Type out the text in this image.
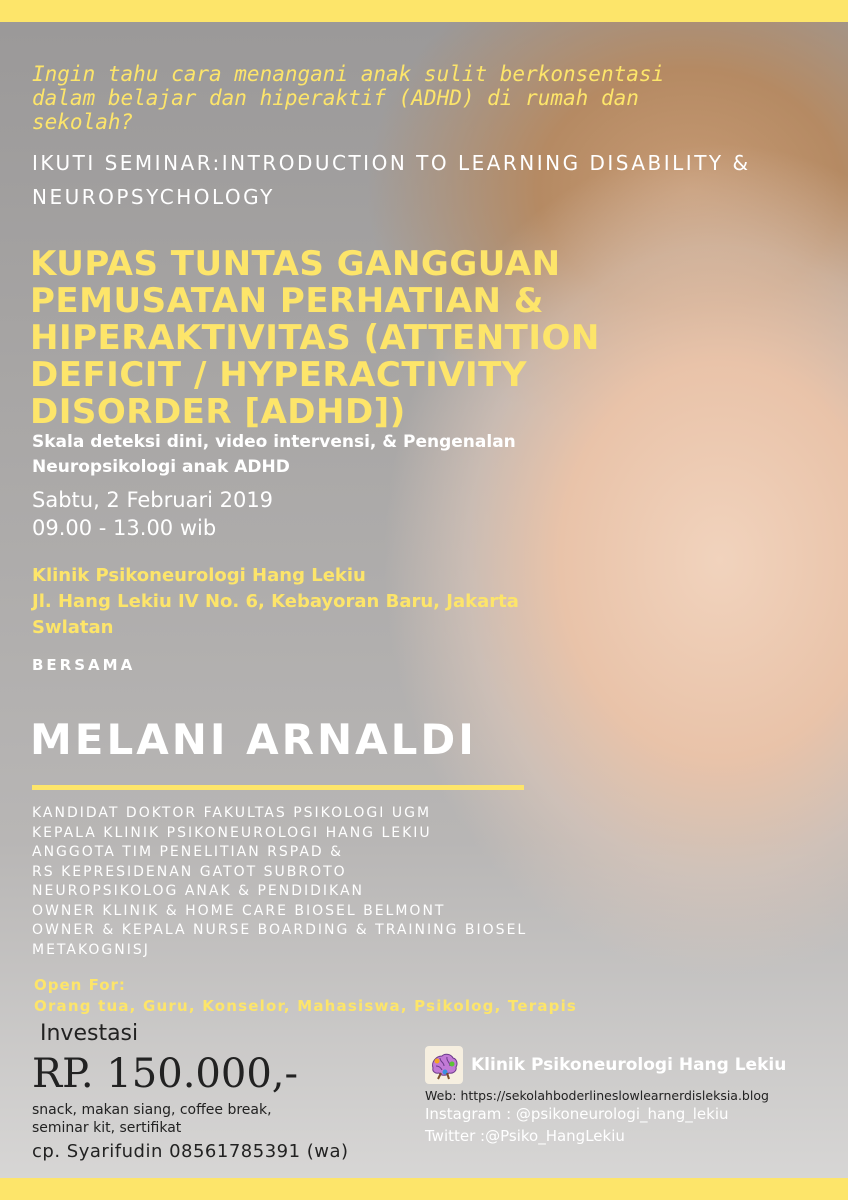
Ingin tahu cara menangani anak sulit berkonsentasi dalam belajar dan hiperaktif (ADHD) di rumah dan sekolah?

IKUTI SEMINAR:INTRODUCTION TO LEARNING DISABILITY & NEUROPSYCHOLOGY

KUPAS TUNTAS GANGGUAN PEMUSATAN PERHATIAN & HIPERAKTIVITAS (ATTENTION DEFICIT / HYPERACTIVITY DISORDER [ADHD])

Skala deteksi dini, video intervensi, & Pengenalan Neuropsikologi anak ADHD

Sabtu, 2 Februari 2019
09.00 - 13.00 wib
Klinik Psikoneurologi Hang Lekiu
Jl. Hang Lekiu IV No. 6, Kebayoran Baru, Jakarta Swlatan
BERSAMA
MELANI ARNALDI
KANDIDAT DOKTOR FAKULTAS PSIKOLOGI UGM
KEPALA KLINIK PSIKONEUROLOGI HANG LEKIU
ANGGOTA TIM PENELITIAN RSPAD &
RS KEPRESIDENAN GATOT SUBROTO
NEUROPSIKOLOG ANAK & PENDIDIKAN
OWNER KLINIK & HOME CARE BIOSEL BELMONT
OWNER & KEPALA NURSE BOARDING & TRAINING BIOSEL
METAKOGNISJ
Open For:
Orang tua, Guru, Konselor, Mahasiswa, Psikolog, Terapis
Investasi
RP. 150.000,-
snack, makan siang, coffee break, seminar kit, sertifikat
cp. Syarifudin 08561785391 (wa)
Klinik Psikoneurologi Hang Lekiu
Web: https://sekolahboderlineslowlearnerdisleksia.blog
Instagram : @psikoneurologi_hang_lekiu
Twitter :@Psiko_HangLekiu
